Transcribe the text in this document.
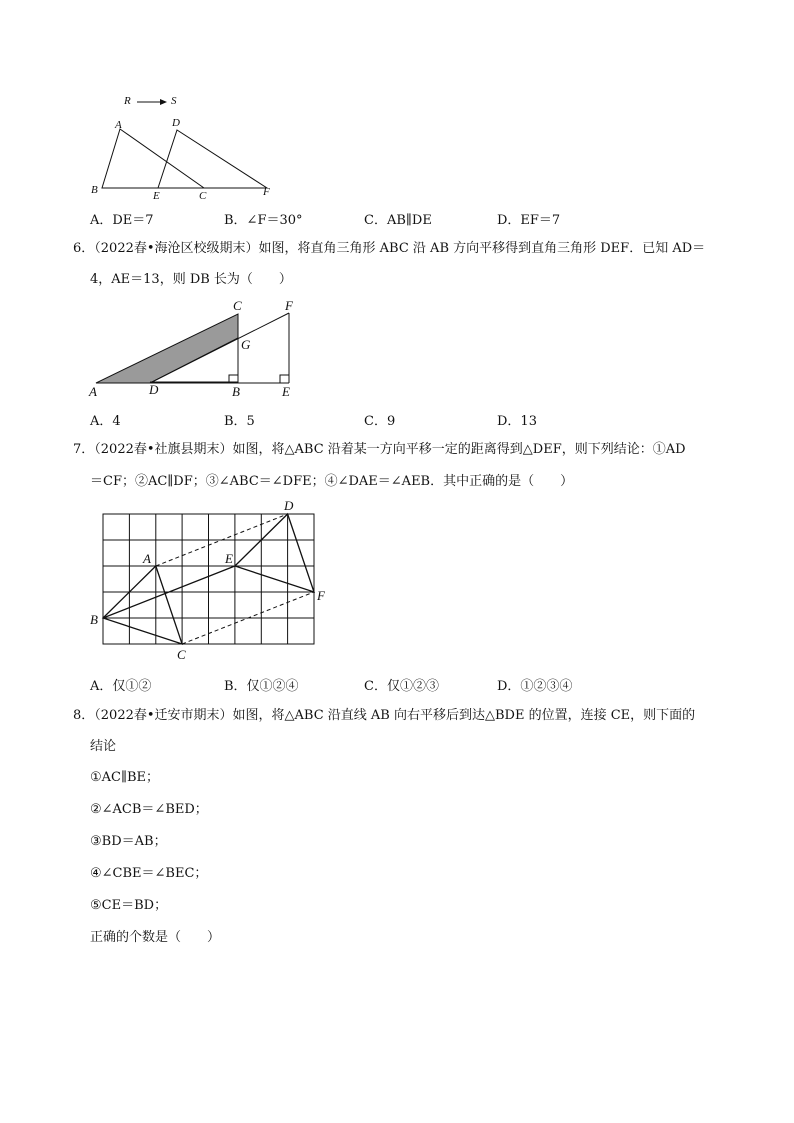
R	S
A
B	C
D
E	F
A．DE＝7	B．∠F＝30°	C．AB∥DE	D．EF＝7
6．（2022春•海沧区校级期末）如图，将直角三角形 ABC 沿 AB 方向平移得到直角三角形 DEF．已知 AD＝
4，AE＝13，则 DB 长为（　　）
A	B
C
D	E
F
G
A．4	B．5	C．9	D．13
7．（2022春•社旗县期末）如图，将△ABC 沿着某一方向平移一定的距离得到△DEF，则下列结论：①AD
＝CF；②AC∥DF；③∠ABC＝∠DFE；④∠DAE＝∠AEB．其中正确的是（　　）
A
B
C
D
E
F
A．仅①②	B．仅①②④	C．仅①②③	D．①②③④
8．（2022春•迁安市期末）如图，将△ABC 沿直线 AB 向右平移后到达△BDE 的位置，连接 CE，则下面的
结论
①AC∥BE；
②∠ACB＝∠BED；
③BD＝AB；
④∠CBE＝∠BEC；
⑤CE＝BD；
正确的个数是（　　）
